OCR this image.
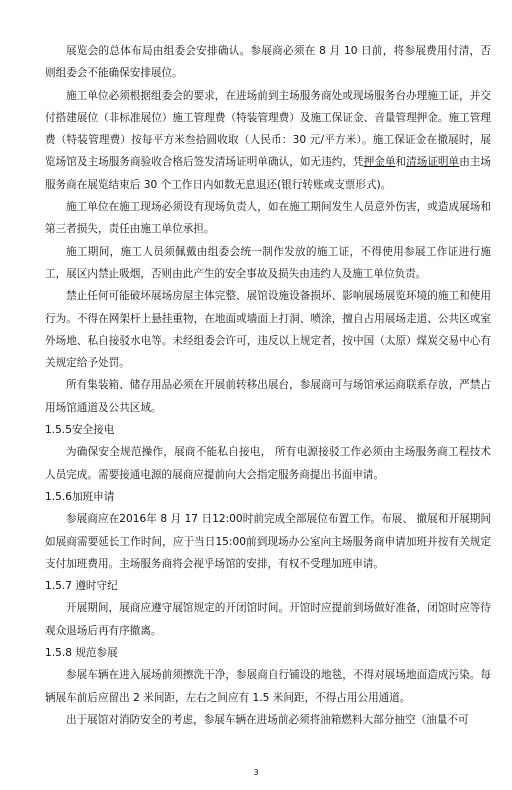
展览会的总体布局由组委会安排确认。参展商必须在 8 月 10 日前，将参展费用付清，否则组委会不能确保安排展位。

施工单位必须根据组委会的要求，在进场前到主场服务商处或现场服务台办理施工证，并交付搭建展位（非标准展位）施工管理费（特装管理费）及施工保证金、音量管理押金。施工管理费（特装管理费）按每平方米叁拾圆收取（人民币：30 元/平方米）。施工保证金在撤展时，展览场馆及主场服务商验收合格后签发清场证明单确认，如无违约，凭押金单和清场证明单由主场服务商在展览结束后 30 个工作日内如数无息退还(银行转账或支票形式)。

施工单位在施工现场必须设有现场负责人，如在施工期间发生人员意外伤害，或造成展场和第三者损失，责任由施工单位承担。

施工期间，施工人员须佩戴由组委会统一制作发放的施工证，不得使用参展工作证进行施工，展区内禁止吸烟，否则由此产生的安全事故及损失由违约人及施工单位负责。

禁止任何可能破坏展场房屋主体完整、展馆设施设备损坏、影响展场展览环境的施工和使用行为。不得在网架杆上悬挂重物，在地面或墙面上打洞、喷涂，擅自占用展场走道、公共区或室外场地、私自接驳水电等。未经组委会许可，违反以上规定者，按中国（太原）煤炭交易中心有关规定给予处罚。

所有集装箱、储存用品必须在开展前转移出展台，参展商可与场馆承运商联系存放，严禁占用场馆通道及公共区域。

1.5.5安全接电

为确保安全规范操作，展商不能私自接电， 所有电源接驳工作必须由主场服务商工程技术人员完成。需要接通电源的展商应提前向大会指定服务商提出书面申请。

1.5.6加班申请

参展商应在2016年 8 月 17 日12:00时前完成全部展位布置工作。布展、 撤展和开展期间如展商需要延长工作时间，应于当日15:00前到现场办公室向主场服务商申请加班并按有关规定支付加班费用。主场服务商将会视乎场馆的安排，有权不受理加班申请。

1.5.7 遵时守纪

开展期间，展商应遵守展馆规定的开闭馆时间。开馆时应提前到场做好准备，闭馆时应等待观众退场后再有序撤离。

1.5.8 规范参展

参展车辆在进入展场前须擦洗干净，参展商自行铺设的地毯，不得对展场地面造成污染。每辆展车前后应留出 2 米间距，左右之间应有 1.5 米间距，不得占用公用通道。

出于展馆对消防安全的考虑，参展车辆在进场前必须将油箱燃料大部分抽空（油量不可

3
